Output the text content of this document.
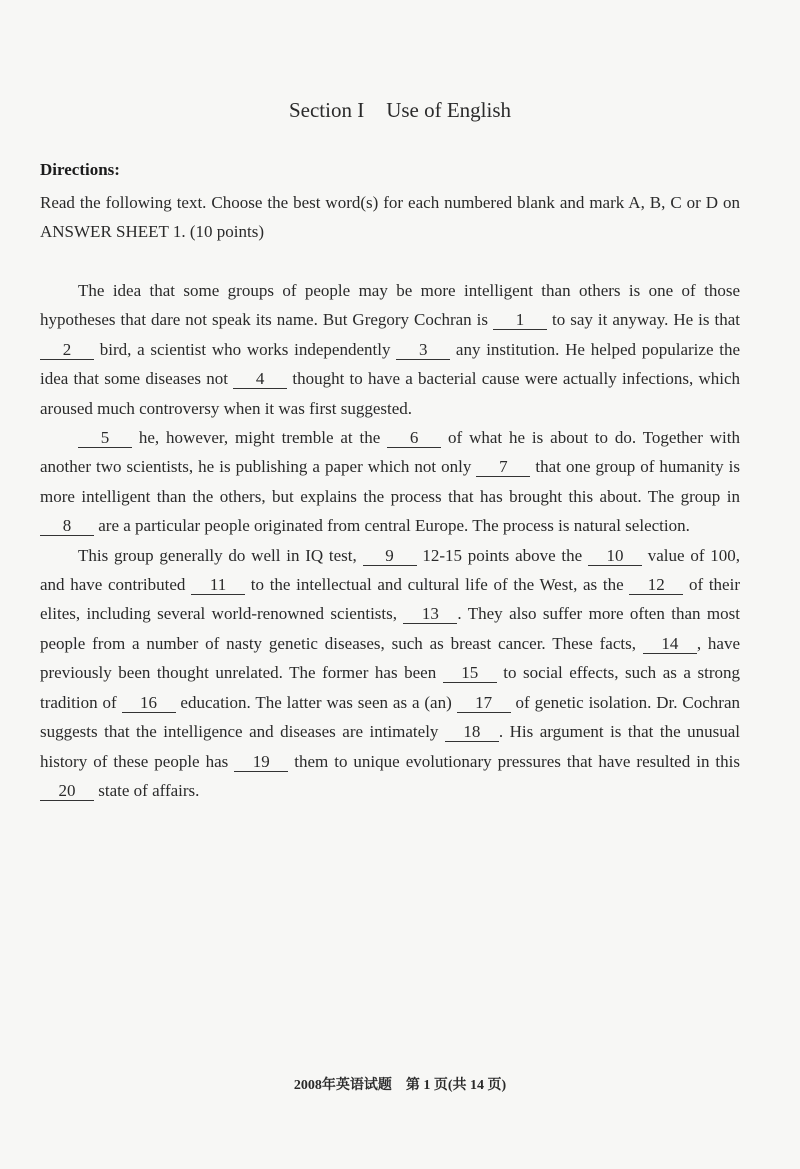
Section I Use of English
Directions:
Read the following text. Choose the best word(s) for each numbered blank and mark A, B, C or D on ANSWER SHEET 1. (10 points)

The idea that some groups of people may be more intelligent than others is one of those hypotheses that dare not speak its name. But Gregory Cochran is 1 to say it anyway. He is that 2 bird, a scientist who works independently 3 any institution. He helped popularize the idea that some diseases not 4 thought to have a bacterial cause were actually infections, which aroused much controversy when it was first suggested.

5 he, however, might tremble at the 6 of what he is about to do. Together with another two scientists, he is publishing a paper which not only 7 that one group of humanity is more intelligent than the others, but explains the process that has brought this about. The group in 8 are a particular people originated from central Europe. The process is natural selection.

This group generally do well in IQ test, 9 12-15 points above the 10 value of 100, and have contributed 11 to the intellectual and cultural life of the West, as the 12 of their elites, including several world-renowned scientists, 13 . They also suffer more often than most people from a number of nasty genetic diseases, such as breast cancer. These facts, 14 , have previously been thought unrelated. The former has been 15 to social effects, such as a strong tradition of 16 education. The latter was seen as a (an) 17 of genetic isolation. Dr. Cochran suggests that the intelligence and diseases are intimately 18 . His argument is that the unusual history of these people has 19 them to unique evolutionary pressures that have resulted in this 20 state of affairs.

2008年英语试题　第 1 页(共 14 页)
